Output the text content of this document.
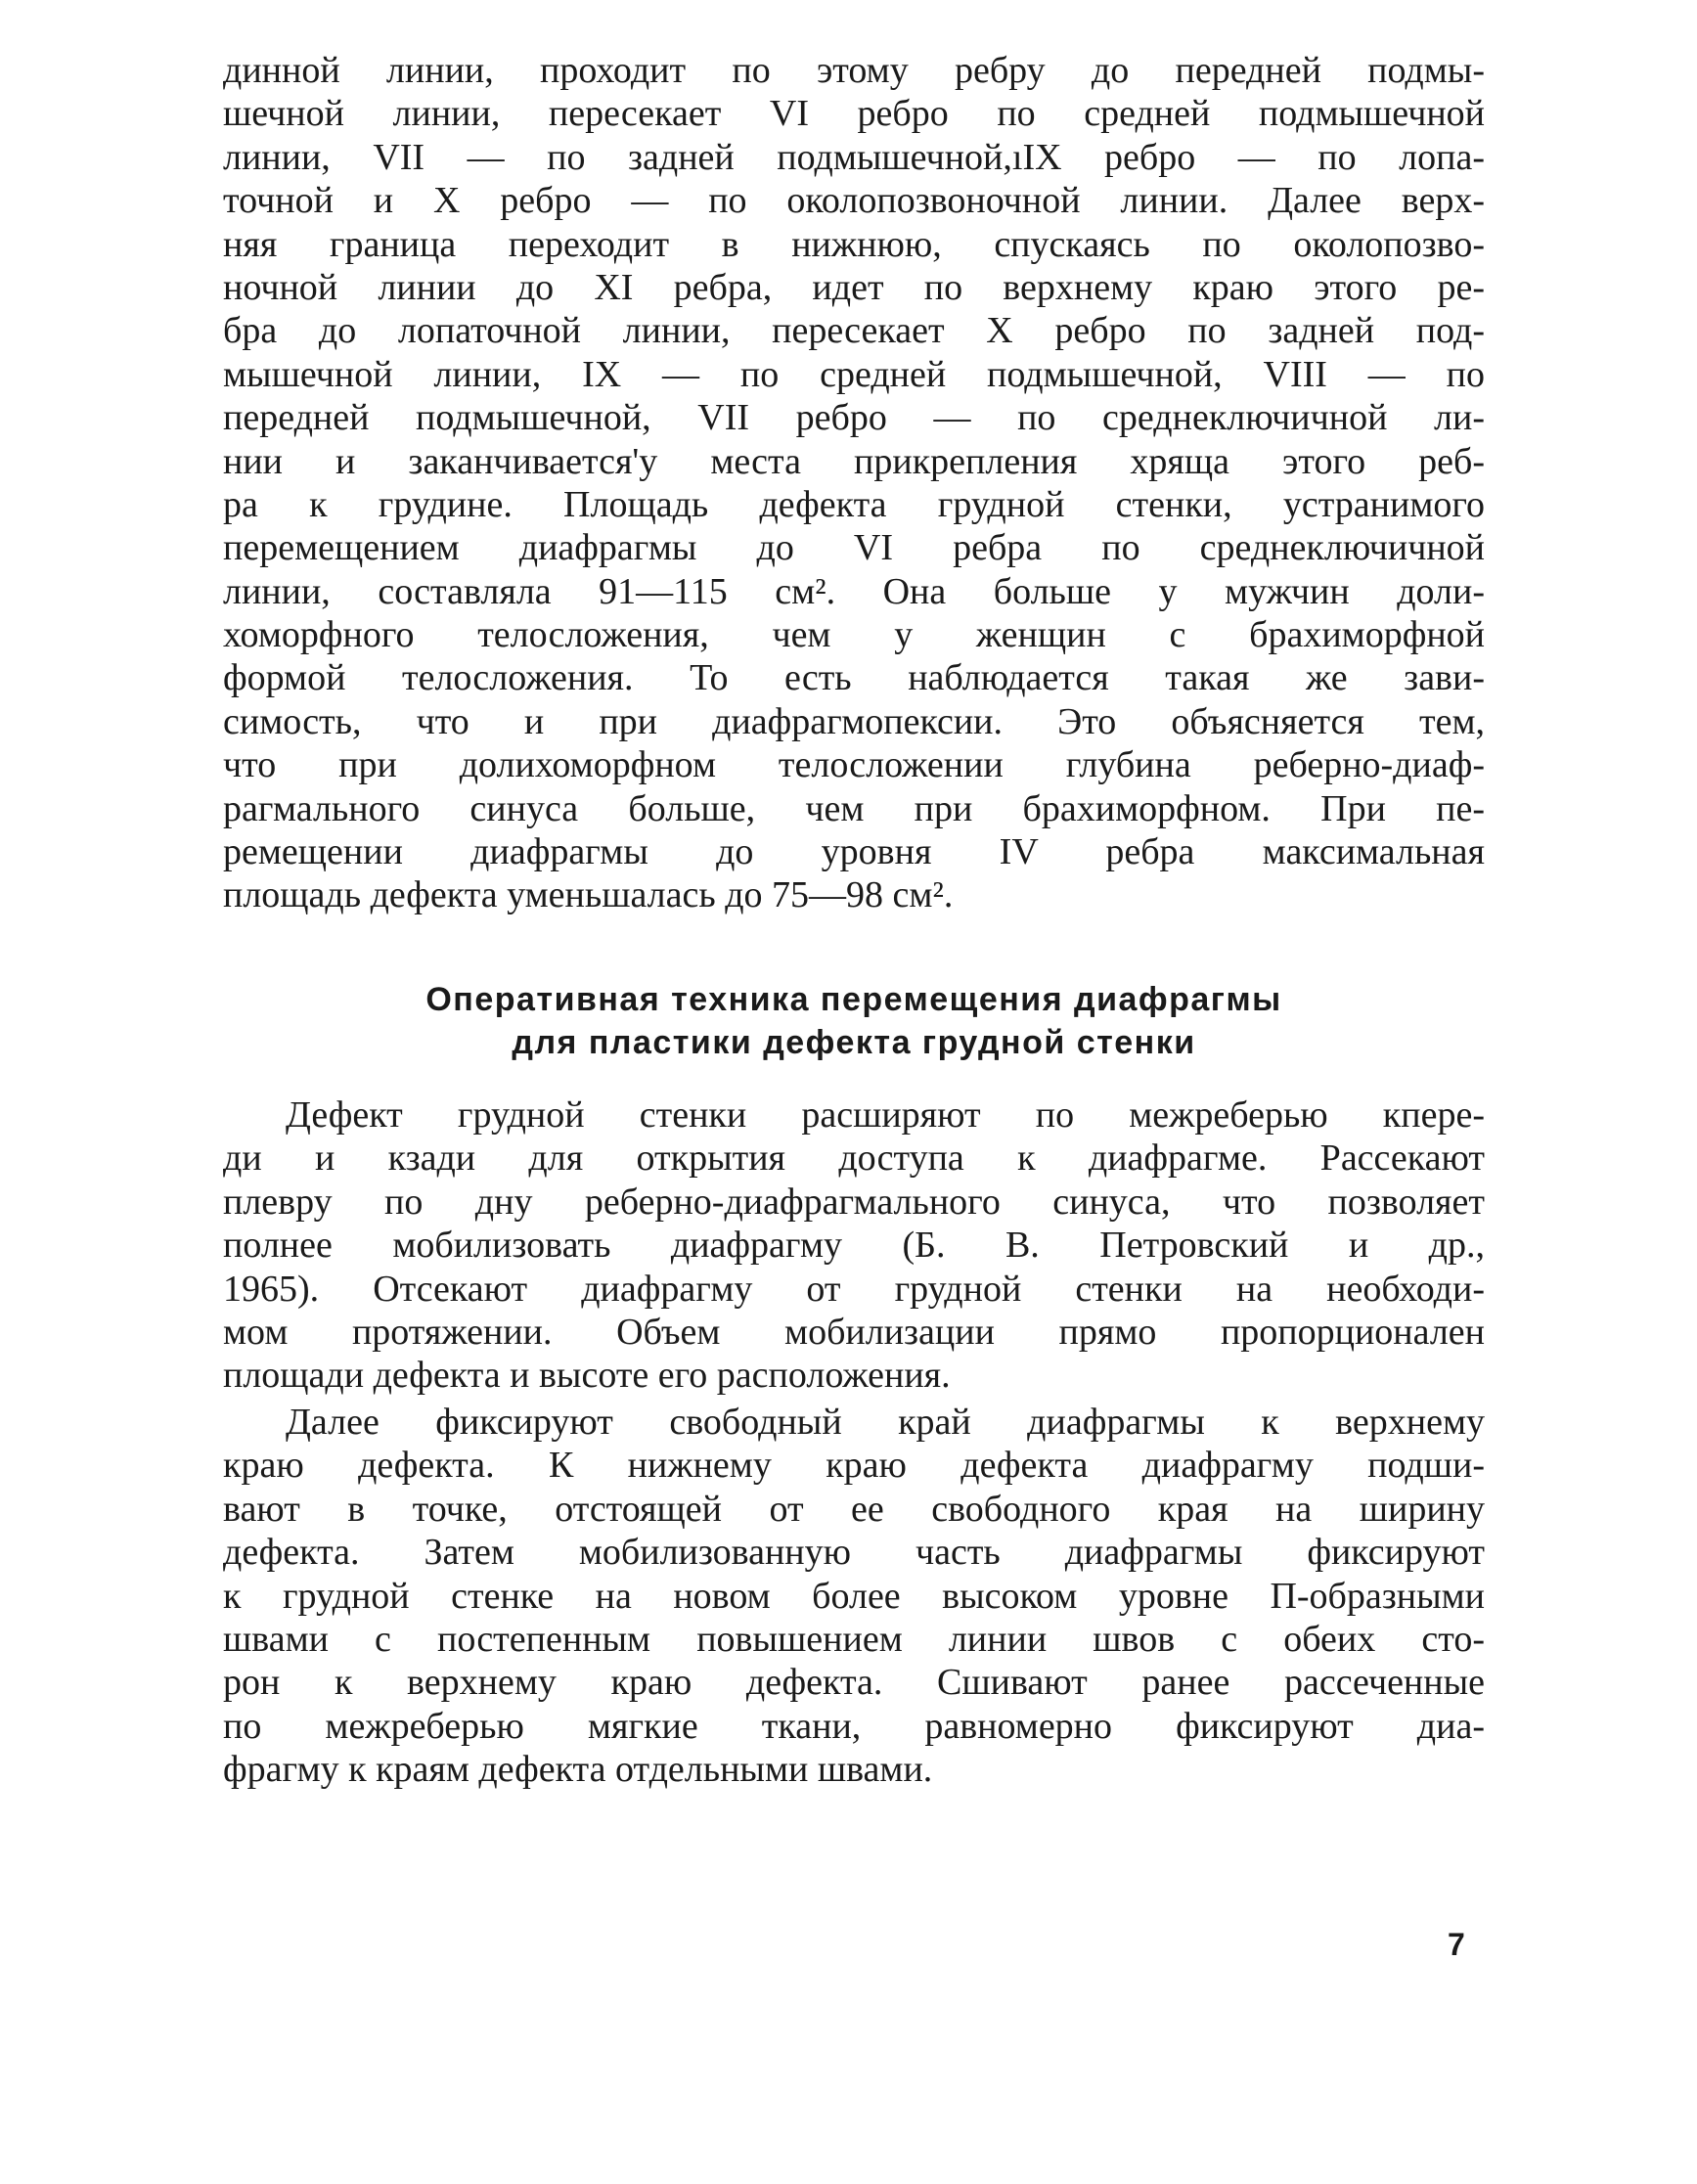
динной линии, проходит по этому ребру до передней подмы-
шечной линии, пересекает VI ребро по средней подмышечной
линии, VII — по задней подмышечной,ıIX ребро — по лопа-
точной и X ребро — по околопозвоночной линии. Далее верх-
няя граница переходит в нижнюю, спускаясь по околопозво-
ночной линии до XI ребра, идет по верхнему краю этого ре-
бра до лопаточной линии, пересекает X ребро по задней под-
мышечной линии, IX — по средней подмышечной, VIII — по
передней подмышечной, VII ребро — по среднеключичной ли-
нии и заканчивается'у места прикрепления хряща этого реб-
ра к грудине. Площадь дефекта грудной стенки, устранимого
перемещением диафрагмы до VI ребра по среднеключичной
линии, составляла 91—115 см². Она больше у мужчин доли-
хоморфного телосложения, чем у женщин с брахиморфной
формой телосложения. То есть наблюдается такая же зави-
симость, что и при диафрагмопексии. Это объясняется тем,
что при долихоморфном телосложении глубина реберно-диаф-
рагмального синуса больше, чем при брахиморфном. При пе-
ремещении диафрагмы до уровня IV ребра максимальная
площадь дефекта уменьшалась до 75—98 см².
Оперативная техника перемещения диафрагмы
для пластики дефекта грудной стенки
Дефект грудной стенки расширяют по межреберью кпере-
ди и кзади для открытия доступа к диафрагме. Рассекают
плевру по дну реберно-диафрагмального синуса, что позволяет
полнее мобилизовать диафрагму (Б. В. Петровский и др.,
1965). Отсекают диафрагму от грудной стенки на необходи-
мом протяжении. Объем мобилизации прямо пропорционален
площади дефекта и высоте его расположения.
Далее фиксируют свободный край диафрагмы к верхнему
краю дефекта. К нижнему краю дефекта диафрагму подши-
вают в точке, отстоящей от ее свободного края на ширину
дефекта. Затем мобилизованную часть диафрагмы фиксируют
к грудной стенке на новом более высоком уровне П-образными
швами с постепенным повышением линии швов с обеих сто-
рон к верхнему краю дефекта. Сшивают ранее рассеченные
по межреберью мягкие ткани, равномерно фиксируют диа-
фрагму к краям дефекта отдельными швами.
7
